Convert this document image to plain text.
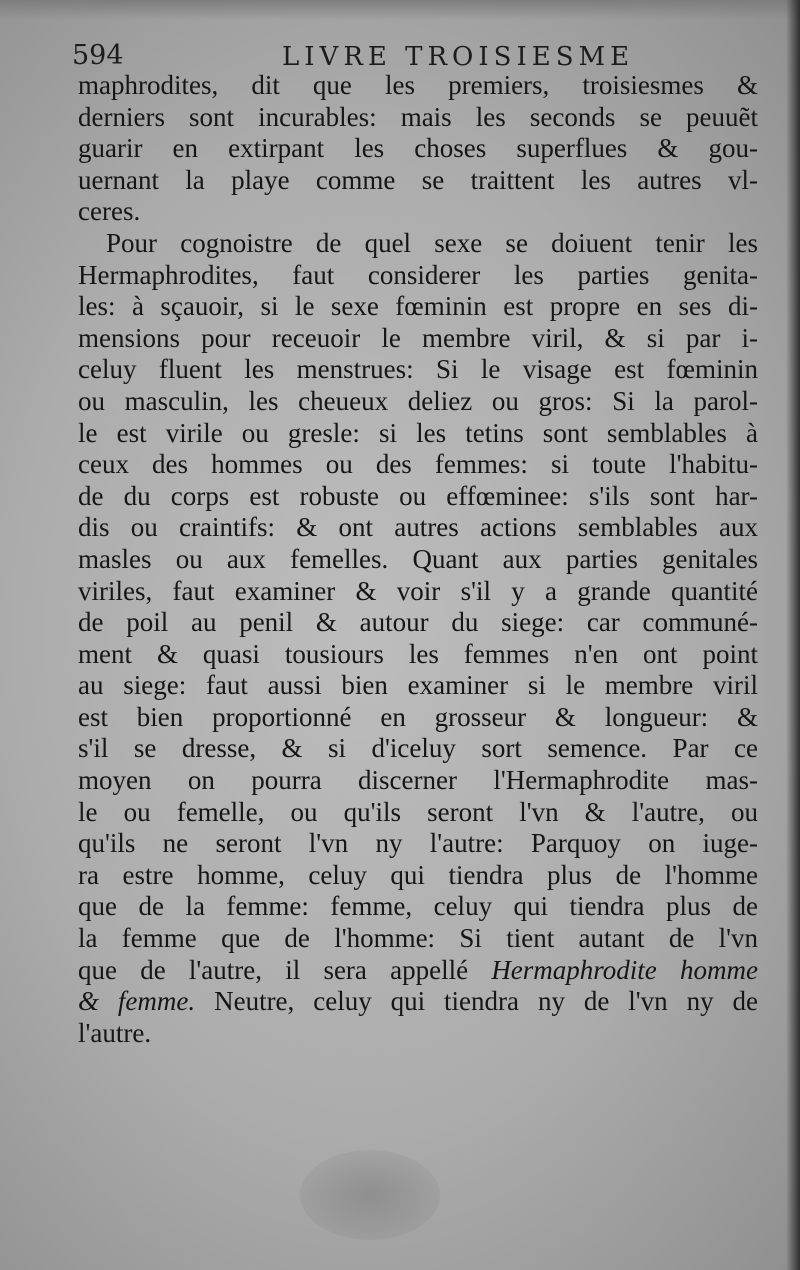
594	LIVRE TROISIESME
maphrodites, dit que les premiers, troisiesmes &
derniers sont incurables: mais les seconds se peuuẽt
guarir en extirpant les choses superflues & gou-
uernant la playe comme se traittent les autres vl-
ceres.
Pour cognoistre de quel sexe se doiuent tenir les
Hermaphrodites, faut considerer les parties genita-
les: à sçauoir, si le sexe fœminin est propre en ses di-
mensions pour receuoir le membre viril, & si par i-
celuy fluent les menstrues: Si le visage est fœminin
ou masculin, les cheueux deliez ou gros: Si la parol-
le est virile ou gresle: si les tetins sont semblables à
ceux des hommes ou des femmes: si toute l'habitu-
de du corps est robuste ou effœminee: s'ils sont har-
dis ou craintifs: & ont autres actions semblables aux
masles ou aux femelles. Quant aux parties genitales
viriles, faut examiner & voir s'il y a grande quantité
de poil au penil & autour du siege: car communé-
ment & quasi tousiours les femmes n'en ont point
au siege: faut aussi bien examiner si le membre viril
est bien proportionné en grosseur & longueur: &
s'il se dresse, & si d'iceluy sort semence. Par ce
moyen on pourra discerner l'Hermaphrodite mas-
le ou femelle, ou qu'ils seront l'vn & l'autre, ou
qu'ils ne seront l'vn ny l'autre: Parquoy on iuge-
ra estre homme, celuy qui tiendra plus de l'homme
que de la femme: femme, celuy qui tiendra plus de
la femme que de l'homme: Si tient autant de l'vn
que de l'autre, il sera appellé Hermaphrodite homme
& femme. Neutre, celuy qui tiendra ny de l'vn ny de
l'autre.
